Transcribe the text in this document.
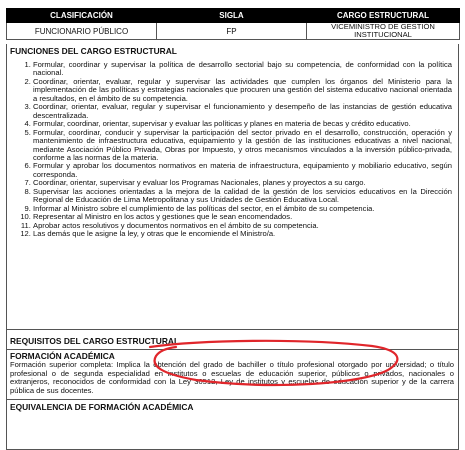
CLASIFICACIÓN	SIGLA	CARGO ESTRUCTURAL
FUNCIONARIO PÚBLICO	FP	VICEMINISTRO DE GESTIÓN INSTITUCIONAL
FUNCIONES DEL CARGO ESTRUCTURAL
1. Formular, coordinar y supervisar la política de desarrollo sectorial bajo su competencia, de conformidad con la política nacional.
2. Coordinar, orientar, evaluar, regular y supervisar las actividades que cumplen los órganos del Ministerio para la implementación de las políticas y estrategias nacionales que procuren una gestión del sistema educativo nacional orientada a resultados, en el ámbito de su competencia.
3. Coordinar, orientar, evaluar, regular y supervisar el funcionamiento y desempeño de las instancias de gestión educativa descentralizada.
4. Formular, coordinar, orientar, supervisar y evaluar las políticas y planes en materia de becas y crédito educativo.
5. Formular, coordinar, conducir y supervisar la participación del sector privado en el desarrollo, construcción, operación y mantenimiento de infraestructura educativa, equipamiento y la gestión de las instituciones educativas a nivel nacional, mediante Asociación Público Privada, Obras por Impuesto, y otros mecanismos vinculados a la inversión público-privada, conforme a las normas de la materia.
6. Formular y aprobar los documentos normativos en materia de infraestructura, equipamiento y mobiliario educativo, según corresponda.
7. Coordinar, orientar, supervisar y evaluar los Programas Nacionales, planes y proyectos a su cargo.
8. Supervisar las acciones orientadas a la mejora de la calidad de la gestión de los servicios educativos en la Dirección Regional de Educación de Lima Metropolitana y sus Unidades de Gestión Educativa Local.
9. Informar al Ministro sobre el cumplimiento de las políticas del sector, en el ámbito de su competencia.
10. Representar al Ministro en los actos y gestiones que le sean encomendados.
11. Aprobar actos resolutivos y documentos normativos en el ámbito de su competencia.
12. Las demás que le asigne la ley, y otras que le encomiende el Ministro/a.
REQUISITOS DEL CARGO ESTRUCTURAL
FORMACIÓN ACADÉMICA
Formación superior completa: Implica la obtención del grado de bachiller o título profesional otorgado por universidad; o título profesional o de segunda especialidad en institutos o escuelas de educación superior, públicos o privados, nacionales o extranjeros, reconocidos de conformidad con la Ley 30512, Ley de institutos y escuelas de educación superior y de la carrera pública de sus docentes.
EQUIVALENCIA DE FORMACIÓN ACADÉMICA
